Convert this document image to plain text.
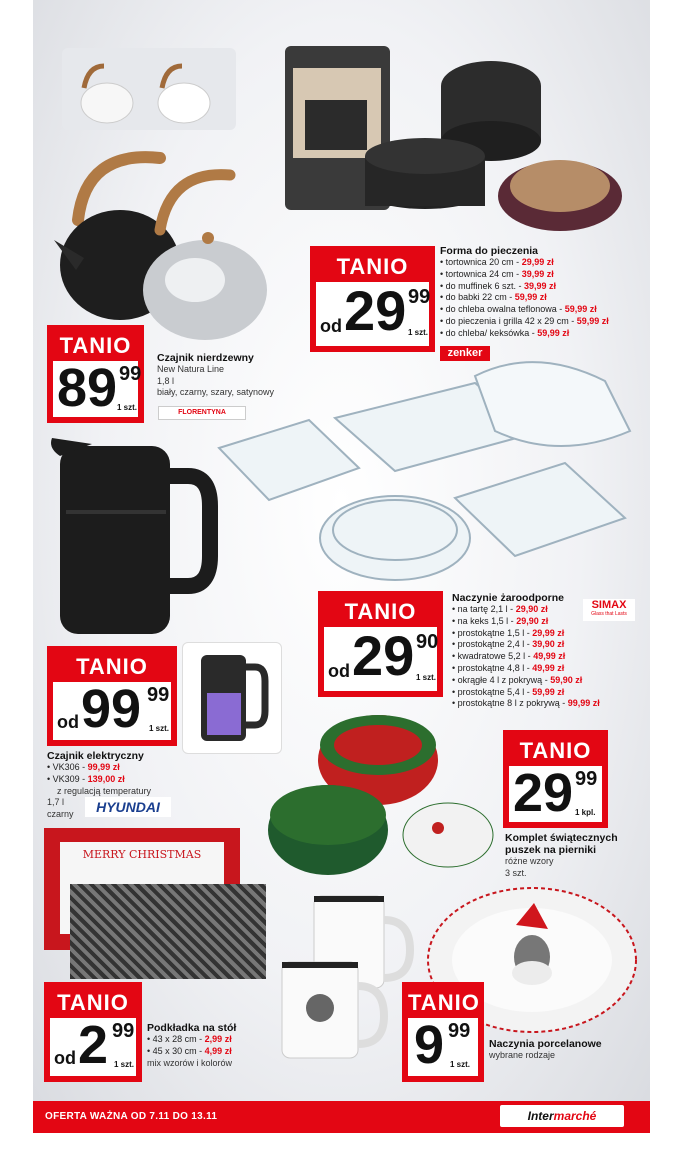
TANIO
89 99
1 szt.
Czajnik nierdzewny
New Natura Line
1,8 l
biały, czarny, szary, satynowy
FLORENTYNA
TANIO
od 29 99
1 szt.
Forma do pieczenia
• tortownica 20 cm - 29,99 zł
• tortownica 24 cm - 39,99 zł
• do muffinek 6 szt. - 39,99 zł
• do babki 22 cm - 59,99 zł
• do chleba owalna teflonowa - 59,99 zł
• do pieczenia i grilla 42 x 29 cm - 59,99 zł
• do chleba/ keksówka - 59,99 zł
zenker
TANIO
od 29 90
1 szt.
Naczynie żaroodporne
• na tartę 2,1 l - 29,90 zł
• na keks 1,5 l - 29,90 zł
• prostokątne 1,5 l - 29,99 zł
• prostokątne 2,4 l - 39,90 zł
• kwadratowe 5,2 l - 49,99 zł
• prostokątne 4,8 l - 49,99 zł
• okrągłe 4 l z pokrywą - 59,90 zł
• prostokątne 5,4 l - 59,99 zł
• prostokątne 8 l z pokrywą - 99,99 zł
SIMAX
Glass that Lasts
TANIO
od 99 99
1 szt.
Czajnik elektryczny
• VK306 - 99,99 zł
• VK309 - 139,00 zł
z regulacją temperatury
1,7 l
czarny	HYUNDAI
TANIO
29 99
1 kpl.
Komplet świątecznych
puszek na pierniki
różne wzory
3 szt.
MERRY CHRISTMAS
TANIO
od 2 99
1 szt.
Podkładka na stół
• 43 x 28 cm - 2,99 zł
• 45 x 30 cm - 4,99 zł
mix wzorów i kolorów
TANIO
9 99
1 szt.
Naczynia porcelanowe
wybrane rodzaje
OFERTA WAŻNA OD 7.11 DO 13.11	Intermarché
